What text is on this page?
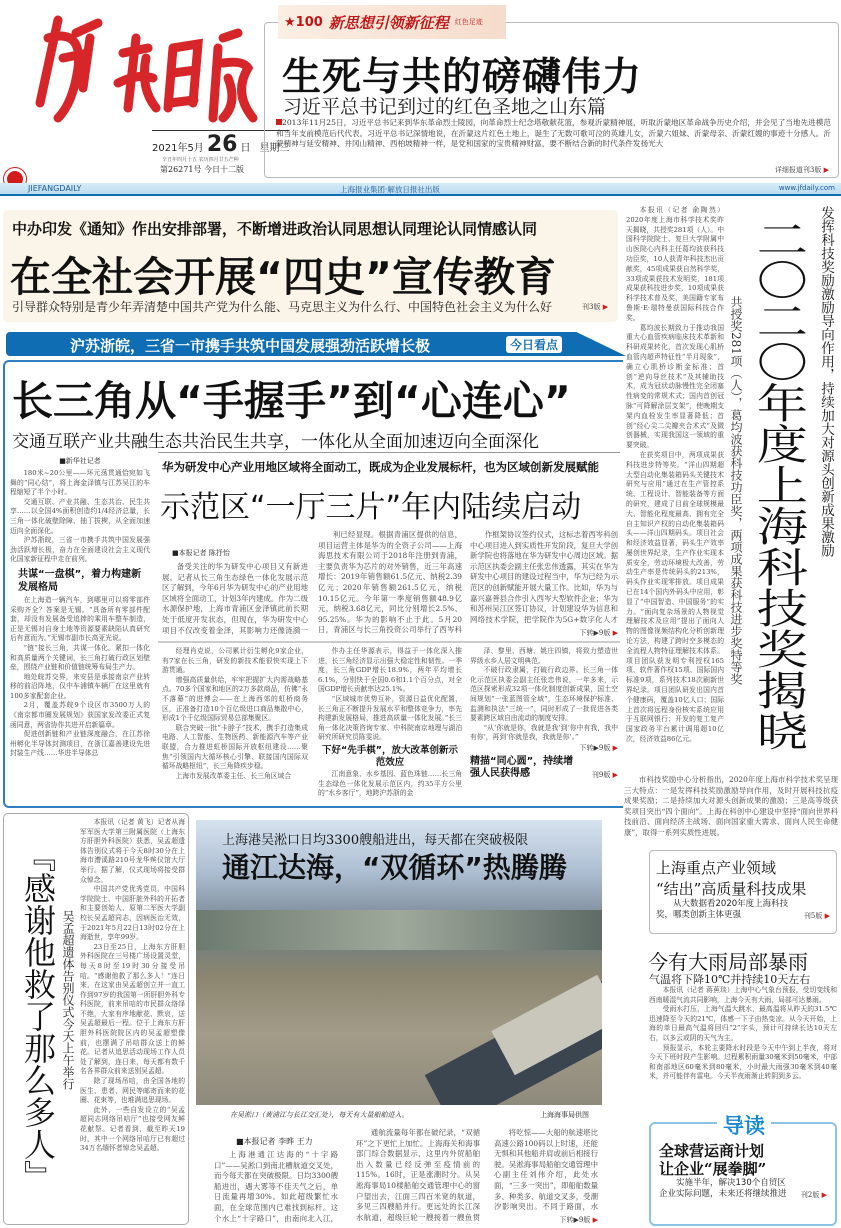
2021年5月 26 日 星期三
辛丑年四月十五 农历四月廿五芒种
第26271号 今日十二版
JIEFANGDAILY	上海报业集团·解放日报社出版	www.jfdaily.com
★100 新思想引领新征程 红色足迹
生死与共的磅礴伟力
习近平总书记到过的红色圣地之山东篇
2013年11月25日，习近平总书记来到华东革命烈士陵园，向革命烈士纪念塔敬献花篮，参观沂蒙精神展，听取沂蒙地区革命战争历史介绍，并会见了当地先进模范和当年支前模范后代代表。习近平总书记深情地说，在沂蒙这片红色土地上，诞生了无数可歌可泣的英雄儿女，沂蒙六姐妹、沂蒙母亲、沂蒙红嫂的事迹十分感人。沂蒙精神与延安精神、井冈山精神、西柏坡精神一样，是党和国家的宝贵精神财富，要不断结合新的时代条件发扬光大
详细报道刊3版 ▶
中办印发《通知》作出安排部署，不断增进政治认同思想认同理论认同情感认同
在全社会开展“四史”宣传教育
引导群众特别是青少年弄清楚中国共产党为什么能、马克思主义为什么行、中国特色社会主义为什么好	刊3版 ▶
沪苏浙皖，三省一市携手共筑中国发展强劲活跃增长极	今日看点
长三角从“手握手”到“心连心”
交通互联产业共融生态共治民生共享，一体化从全面加速迈向全面深化
■新华社记者

180米~20公里——环元荡贯通恰宛如飞舞的“同心结”，将上海金泽镇与江苏吴江的车程缩短了半个小时。

交通互联、产业共融、生态共治、民生共享……以全国4%面积创造约1/4经济总量，长三角一体化破壁除障、抽丁拔楔，从全面加速迈向全面深化。

沪苏浙皖，三省一市携手共筑中国发展强劲活跃增长极，奋力在全面建设社会主义现代化国家新征程中走在前列。

共谋“一盘棋”，着力构建新发展格局

在上海造一辆汽车，到哪里可以将零部件采购齐全？答案是无锡。“具备所有零部件配套，却没有发展备受追捧的乘用车整车制造，正是无锡对自身土地等资源要素缺陷认真研究后有意而为。”无锡市副市长高亚光说。

“链”接长三角，共谋一体化。紧扣一体化和高质量两个关键词，长三角打破行政区划壁垒，围绕产业链和价值链统筹布局生产力。

地处皖苏交界，来安县是承接南京产业转移的前沿阵地，仅中车浦镇车辆厂在这里就有100多家配套企业。

2月，覆盖苏皖9个设区市3500万人的《南京都市圈发展规划》获国家发改委正式复函同意，两省协作共进开启新篇章。

促进创新链和产业链深度融合，在江苏徐州孵化半导体封测项目，在浙江嘉善建设先进封装生产线……华进半导体总

华为研发中心产业用地区域将全面动工，既成为企业发展标杆，也为区域创新发展赋能
示范区“一厅三片”年内陆续启动
■本报记者 陈抒怡
备受关注的华为研发中心项目又有新进展。记者从长三角生态绿色一体化发展示范区了解到，今年6月华为研发中心的产业用地区域将全面动工，计划3年内建成。作为二级水源保护地，上海市青浦区金泽镇此前长期处于低度开发状态，但现在，华为研发中心项目不仅改变着金泽，其影响力还像涟漪一
利已经显现。根据青浦区提供的信息，项目运营主体是华为的全资子公司——上海海思技术有限公司于2018年注册到青浦，主要负责华为芯片的对外销售，近三年高速增长：2019年销售额61.5亿元、纳税2.39亿元；2020年销售额261.5亿元，纳税10.15亿元。今年第一季度销售额48.9亿元，纳税3.68亿元，同比分别增长2.5%、95.25%。华为的影响不止于此。5月20日，青浦区与长三角投资公司举行了西岑科
作框架协议签约仪式，这标志着西岑科创中心项目进入到实质性开发阶段，复旦大学创新学院也将落地在华为研发中心周边区域。据示范区执委会副主任张忠伟透露，其实在华为研发中心项目的建设过程当中，华为已经为示范区的创新赋能开展大量工作。比如，华为与嘉兴嘉善县合作引入西岑大型软件企业；华为和苏州吴江区签订协议，计划建设华为信息和网络技术学院，把学院作为5G+数字化人才
下转▶9版 ▶

经理肖克说，公司累计衍生孵化9家企业，有7家在长三角，研发的新技术能很快实现上下游贯通。

增强高质量供给，牢牢把握扩大内需战略基点。70多个国家和地区的2万多款商品，仿佛“永不落幕”的进博会——在上海西郊的虹桥商务区，正准备打造10个百亿级进口商品集散中心，形成1个千亿级国际贸易总部集聚区。

联合突破一批“卡脖子”技术，携手打造集成电路、人工智能、生物医药、新能源汽车等产业联盟，合力推进虹桥国际开放枢纽建设……聚焦“引领国内大循环核心引擎、联接国内国际双循环战略枢纽”，长三角降疾步稳。

上海市发展改革委主任、长三角区域合

作办主任华源表示，得益于一体化深入推进，长三角经济显示出强大稳定性和韧性。一季度，长三角GDP增长18.9%，两年平均增长6.1%，分别快于全国0.6和1.1个百分点，对全国GDP增长贡献率达25.1%。

“区域城市优势互补，资源日益优化配置，长三角正不断提升发展水平和整体竞争力，率先构建新发展格局，推进高质量一体化发展。”长三角一体化决策咨询专家、中科院南京地理与湖泊研究所研究员陈雯说。

下好“先手棋”，放大改革创新示范效应

江南意象、水乡基因、蓝色珠链……长三角生态绿色一体化发展示范区内，约35平方公里的“水乡客厅”，地跨沪苏浙的金

泽、黎里、西塘、姚庄四镇，将致力塑造世界级水乡人居文明典范。

不破行政隶属，打破行政边界。长三角一体化示范区执委会副主任张忠伟说，一年多来，示范区探索形成32项一体化制度创新成果，国土空间规划“一张蓝图管全域”，生态环境保护标准、监测和执法“三统一”，同时形成了一批促进各类要素跨区域自由流动的制度安排。

“从‘你就是你，我就是我’到‘你中有我，我中有你’，再到‘你就是我，我就是你’。”

下转▶9版 ▶
精描“同心圆”，持续增强人民获得感	刊9版 ▶

本报讯（记者 俞陶然）2020年度上海市科学技术奖昨天揭晓，共授奖281项（人）。中国科学院院士、复旦大学附属中山医院心内科主任葛均波获科技功臣奖，10人获青年科技杰出贡献奖，45项成果获自然科学奖，33项成果获技术发明奖，181项成果获科技进步奖，10项成果获科学技术普及奖，美国籍专家布鲁斯·E·瑞特曼获国际科技合作奖。

葛均波长期致力于推动我国重大心血管疾病临床技术革新和科研成果转化，首次发现心肌桥血管内超声特征性“半月现象”，确立心肌桥诊断金标准；首创“逆向导丝技术”及其辅助技术，成为冠状动脉慢性完全闭塞性病变的常规术式；国内首创冠脉“可降解涂层支架”，使晚期支架内血栓发生率显著降低；首创“经心尖二尖瓣夹合术式”及微创器械，实现我国这一领域的重要突破。

在获奖项目中，两项成果获科技进步特等奖。“洋山四期超大型自动化集装箱码头关键技术研究与应用”通过在生产管控系统、工程设计、智能装备等方面的研究，建成了目前全球规模最大、智能化程度最高、拥有完全自主知识产权的自动化集装箱码头——洋山四期码头。项目社会和经济效益显著，码头生产效率屡创世界纪录，生产作业实现本质安全，劳动环境极大改善，劳动生产率是传统码头的213%，码头作业实现零排放。项目成果已在14个国内外码头中应用，彰显了“中国智造、中国服务”的实力。“面向复杂场景的人物视觉理解技术及应用”提出了面向人物的图像视频结构化分析创新理论方法，构建了跨时空多模态的全流程人物特征理解技术体系。项目团队获发明专利授权165项、软件著作权15项、国际国内标准9项，系列技术18次刷新世界纪录。项目团队研发出国内首个健康码，覆盖10亿人口；国际上首次将远程身份核实系统应用于互联网银行；开发的复工复产国家政务平台累计调用超10亿次，经济效益86亿元。

发挥科技奖励激励导向作用，持续加大对源头创新成果激励
二〇二〇年度上海科技奖揭晓
共授奖281项（人），葛均波获科技功臣奖，两项成果获科技进步奖特等奖
市科技奖励中心分析指出，2020年度上海市科学技术奖呈现三大特点：一是发挥科技奖励激励导向作用，及时开展科技抗疫成果奖励；二是持续加大对源头创新成果的激励；三是高等级获奖项目突出“四个面向”。上海在科创中心建设中坚持“面向世界科技前沿、面向经济主战场、面向国家重大需求、面向人民生命健康”，取得一系列实质性进展。
上海重点产业领域
“结出”高质量科技成果
从大数据看2020年度上海科技奖，哪类创新主体更强	刊5版 ▶
今有大雨局部暴雨
气温将下降10℃并持续10天左右

本报讯（记者 蒋蕉琰）上海中心气象台预报，受切变线和西南暖湿气流共同影响，上海今天有大雨，局部可达暴雨。

受雨水打压，上海气温大跳水，最高温将从昨天的31.5℃迅速降至今天的21℃，体感一下子由热变凉。从今天开始，上海的单日最高气温将回归“2”字头，预计可持续长达10天左右，以多云或阴的天气为主。

预报显示，本轮主要降水时段是今天中午到上半夜，将对今天下班时段产生影响。过程累积雨量30毫米到50毫米，中部和南部地区60毫米到80毫米，小时最大雨强30毫米到40毫米，并可能伴有雷电。今天半夜雨渐止转阴到多云。

导读
全球营运商计划
让企业“展拳脚”
实施半年，解决130个自贸区企业实际问题，未来还将继续推进	刊2版 ▶
『感谢他救了那么多人』 吴孟超遗体告别仪式今天上午举行

本报讯（记者 黄飞）记者从海军军医大学第三附属医院（上海东方肝胆外科医院）获悉，吴孟超遗体告别仪式将于今天8时30分在上海市漕溪路210号龙华殡仪馆大厅举行。据了解，仪式现场将接受群众悼念。

中国共产党优秀党员、中国科学院院士、中国肝脏外科的开拓者和主要创始人、原第二军医大学副校长吴孟超同志，因病医治无效，于2021年5月22日13时02分在上海逝世，享年99岁。

23日至25日，上海东方肝胆外科医院在三号楼广场设置灵堂，每天8时至19时30分接受吊唁。“感谢他救了那么多人！”连日来，在这家由吴孟超创立并一直工作到97岁的我国第一所肝胆外科专科医院，前来吊唁的市民群众络绎不绝，大家有序地献花、默哀，送吴孟超最后一程。位于上海东方肝胆外科医院院区内的吴孟超塑像前，也摆满了吊唁群众送上的鲜花。记者从追思活动现场工作人员处了解到，连日来，每天都有数千名各界群众前来送别吴孟超。

除了现场吊唁，由全国各地的医生、患者、网民等邮寄而来的花圈、花束等，也堆满追思现场。

此外，一些自发设立的“吴孟超同志网络吊唁厅”也接受网友鲜花献祭。记者看到，截至昨天19时，其中一个网络吊唁厅已有超过34万名缅怀者悼念吴孟超。

上海港吴淞口日均3300艘船进出，每天都在突破极限
通江达海，“双循环”热腾腾
在吴淞口（黄浦江与长江交汇处），每天有大量船舶进入。	上海海事局供图
■本报记者 李晔 王力
上海港通江达海的“十字路口”——吴淞口到南北槽航道交叉处，而今每天都在突破极限。日均3300艘船进出，遇大雾等不佳天气之后，单日流量再增30%。如此超级繁忙水面，在全球范围内已难找到标杆。这个水上“十字路口”，由南向北入江，
通航流量每年都在破纪录，“双循环”之下更忙上加忙。上海海关和海事部门综合数据显示，这里内外贸船舶出入数量已经反弹至疫情前的115%。16时，正是涨潮时分。从吴淞海事局10楼船舶交通管理中心的窗户望出去，江面三四百米宽的航道，多见三四艘船并行。更远处的长江深水航道，超级巨轮一艘接着一艘鱼贯
将吃惊——大船的航速堪比高速公路100码以上时速，还能无惧和其他船并肩或前后相接行驶。吴淞海事局船舶交通管理中心副主任刘伟介绍，此处水面，“三多一突出”，即船舶数量多、种类多、航道交叉多，受潮汐影响突出。不同于路面，水
下转▶9版 ▶
